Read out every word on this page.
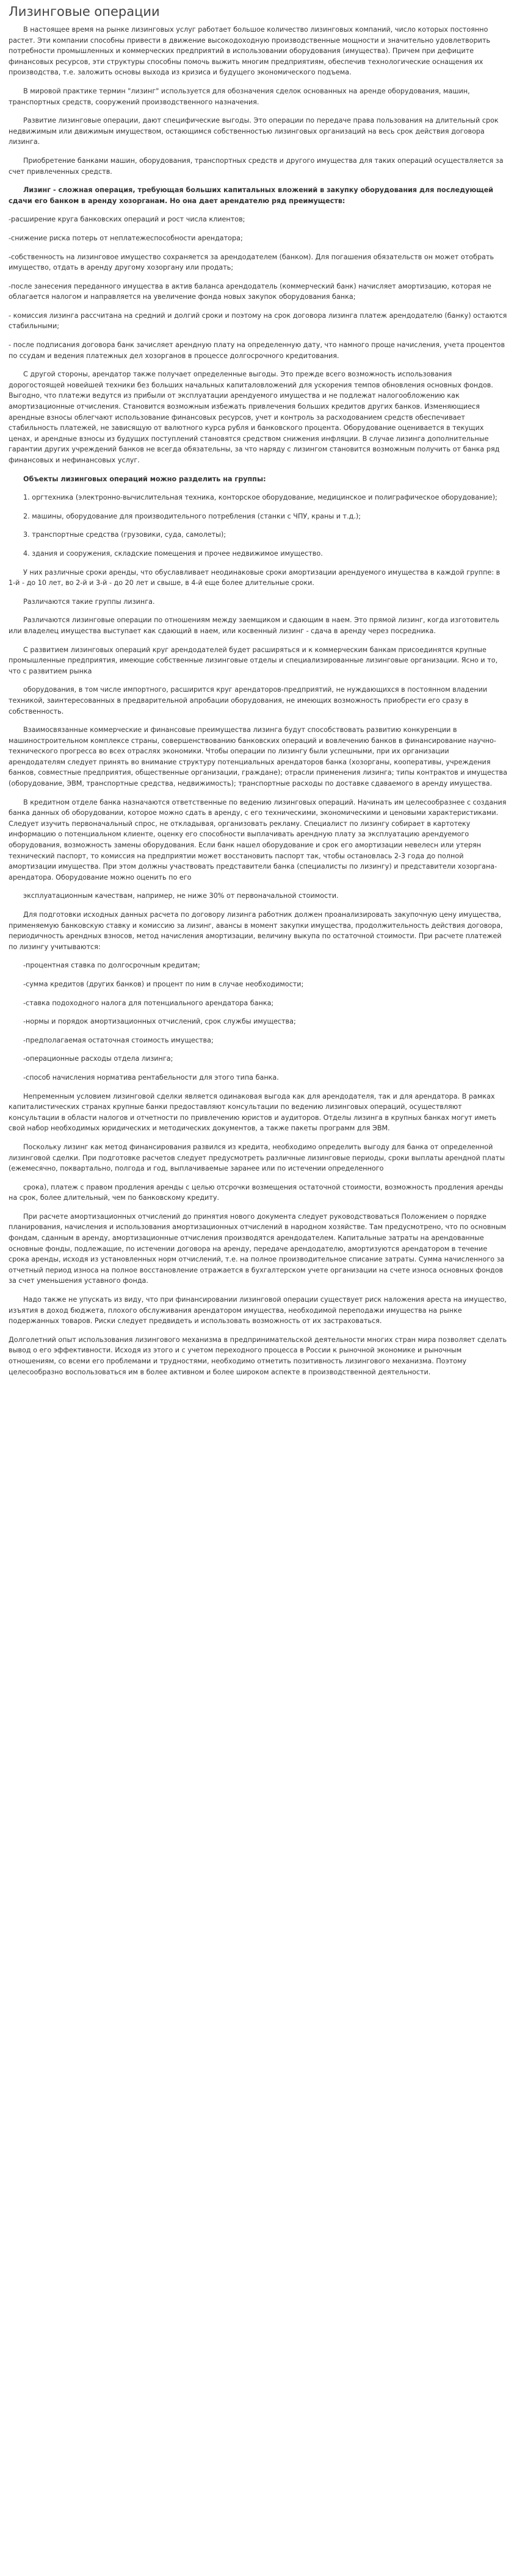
Лизинговые операции
В настоящее время на рынке лизинговых услуг работает большое количество лизинговых компаний, число которых постоянно растет. Эти компании способны привести в движение высокодоходную производственные мощности и значительно удовлетворить потребности промышленных и коммерческих предприятий в использовании оборудования (имущества). Причем при дефиците финансовых ресурсов, эти структуры способны помочь выжить многим предприятиям, обеспечив технологические оснащения их производства, т.е. заложить основы выхода из кризиса и будущего экономического подъема.
В мировой практике термин "лизинг" используется для обозначения сделок основанных на аренде оборудования, машин, транспортных средств, сооружений производственного назначения.
Развитие лизинговые операции, дают специфические выгоды. Это операции по передаче права пользования на длительный срок недвижимым или движимым имуществом, остающимся собственностью лизинговых организаций на весь срок действия договора лизинга.
Приобретение банками машин, оборудования, транспортных средств и другого имущества для таких операций осуществляется за счет привлеченных средств.
Лизинг - сложная операция, требующая больших капитальных вложений в закупку оборудования для последующей сдачи его банком в аренду хозорганам. Но она дает арендателю ряд преимуществ:
-расширение круга банковских операций и рост числа клиентов;
-снижение риска потерь от неплатежеспособности арендатора;
-собственность на лизинговое имущество сохраняется за арендодателем (банком). Для погашения обязательств он может отобрать имущество, отдать в аренду другому хозоргану или продать;
-после занесения переданного имущества в актив баланса арендодатель (коммерческий банк) начисляет амортизацию, которая не облагается налогом и направляется на увеличение фонда новых закупок оборудования банка;
- комиссия лизинга рассчитана на средний и долгий сроки и поэтому на срок договора лизинга платеж арендодателю (банку) остаются стабильными;
- после подписания договора банк зачисляет арендную плату на определенную дату, что намного проще начисления, учета процентов по ссудам и ведения платежных дел хозорганов в процессе долгосрочного кредитования.
С другой стороны, арендатор также получает определенные выгоды. Это прежде всего возможность использования дорогостоящей новейшей техники без больших начальных капиталовложений для ускорения темпов обновления основных фондов. Выгодно, что платежи ведутся из прибыли от эксплуатации арендуемого имущества и не подлежат налогообложению как амортизационные отчисления. Становится возможным избежать привлечения больших кредитов других банков. Изменяющиеся арендные взносы облегчают использование финансовых ресурсов, учет и контроль за расходованием средств обеспечивает стабильность платежей, не зависящую от валютного курса рубля и банковского процента. Оборудование оценивается в текущих ценах, и арендные взносы из будущих поступлений становятся средством снижения инфляции. В случае лизинга дополнительные гарантии других учреждений банков не всегда обязательны, за что наряду с лизингом становится возможным получить от банка ряд финансовых и нефинансовых услуг.
Объекты лизинговых операций можно разделить на группы:
1. оргтехника (электронно-вычислительная техника, конторское оборудование, медицинское и полиграфическое оборудование);
2. машины, оборудование для производительного потребления (станки с ЧПУ, краны и т.д.);
3. транспортные средства (грузовики, суда, самолеты);
4. здания и сооружения, складские помещения и прочее недвижимое имущество.
У них различные сроки аренды, что обуславливает неодинаковые сроки амортизации арендуемого имущества в каждой группе: в 1-й - до 10 лет, во 2-й и 3-й - до 20 лет и свыше, в 4-й еще более длительные сроки.
Различаются такие группы лизинга.
Различаются лизинговые операции по отношениям между заемщиком и сдающим в наем. Это прямой лизинг, когда изготовитель или владелец имущества выступает как сдающий в наем, или косвенный лизинг - сдача в аренду через посредника.
С развитием лизинговых операций круг арендодателей будет расширяться и к коммерческим банкам присоединятся крупные промышленные предприятия, имеющие собственные лизинговые отделы и специализированные лизинговые организации. Ясно и то, что с развитием рынка
оборудования, в том числе импортного, расширится круг арендаторов-предприятий, не нуждающихся в постоянном владении техникой, заинтересованных в предварительной апробации оборудования, не имеющих возможность приобрести его сразу в собственность.
Взаимосвязанные коммерческие и финансовые преимущества лизинга будут способствовать развитию конкуренции в машиностроительном комплексе страны, совершенствованию банковских операций и вовлечению банков в финансирование научно-технического прогресса во всех отраслях экономики. Чтобы операции по лизингу были успешными, при их организации арендодателям следует принять во внимание структуру потенциальных арендаторов банка (хозорганы, кооперативы, учреждения банков, совместные предприятия, общественные организации, граждане); отрасли применения лизинга; типы контрактов и имущества (оборудование, ЭВМ, транспортные средства, недвижимость); транспортные расходы по доставке сдаваемого в аренду имущества.
В кредитном отделе банка назначаются ответственные по ведению лизинговых операций. Начинать им целесообразнее с создания банка данных об оборудовании, которое можно сдать в аренду, с его техническими, экономическими и ценовыми характеристиками. Следует изучить первоначальный спрос, не откладывая, организовать рекламу. Специалист по лизингу собирает в картотеку информацию о потенциальном клиенте, оценку его способности выплачивать арендную плату за эксплуатацию арендуемого оборудования, возможность замены оборудования. Если банк нашел оборудование и срок его амортизации невелесн или утерян технический паспорт, то комиссия на предприятии может восстановить паспорт так, чтобы остановлась 2-3 года до полной амортизации имущества. При этом должны участвовать представители банка (специалисты по лизингу) и представители хозоргана-арендатора. Оборудование можно оценить по его
эксплуатационным качествам, например, не ниже 30% от первоначальной стоимости.
Для подготовки исходных данных расчета по договору лизинга работник должен проанализировать закупочную цену имущества, применяемую банковскую ставку и комиссию за лизинг, авансы в момент закупки имущества, продолжительность действия договора, периодичность арендных взносов, метод начисления амортизации, величину выкупа по остаточной стоимости. При расчете платежей по лизингу учитываются:
-процентная ставка по долгосрочным кредитам;
-сумма кредитов (других банков) и процент по ним в случае необходимости;
-ставка подоходного налога для потенциального арендатора банка;
-нормы и порядок амортизационных отчислений, срок службы имущества;
-предполагаемая остаточная стоимость имущества;
-операционные расходы отдела лизинга;
-способ начисления норматива рентабельности для этого типа банка.
Непременным условием лизинговой сделки является одинаковая выгода как для арендодателя, так и для арендатора. В рамках капиталистических странах крупные банки предоставляют консультации по ведению лизинговых операций, осуществляют консультации в области налогов и отчетности по привлечению юристов и аудиторов. Отделы лизинга в крупных банках могут иметь свой набор необходимых юридических и методических документов, а также пакеты программ для ЭВМ.
Поскольку лизинг как метод финансирования развился из кредита, необходимо определить выгоду для банка от определенной лизинговой сделки. При подготовке расчетов следует предусмотреть различные лизинговые периоды, сроки выплаты арендной платы (ежемесячно, поквартально, полгода и год, выплачиваемые заранее или по истечении определенного
срока), платеж с правом продления аренды с целью отсрочки возмещения остаточной стоимости, возможность продления аренды на срок, более длительный, чем по банковскому кредиту.
При расчете амортизационных отчислений до принятия нового документа следует руководствоваться Положением о порядке планирования, начисления и использования амортизационных отчислений в народном хозяйстве. Там предусмотрено, что по основным фондам, сданным в аренду, амортизационные отчисления производятся арендодателем. Капитальные затраты на арендованные основные фонды, подлежащие, по истечении договора на аренду, передаче арендодателю, амортизуются арендатором в течение срока аренды, исходя из установленных норм отчислений, т.е. на полное производительное списание затраты. Сумма начисленного за отчетный период износа на полное восстановление отражается в бухгалтерском учете организации на счете износа основных фондов за счет уменьшения уставного фонда.
Надо также не упускать из виду, что при финансировании лизинговой операции существует риск наложения ареста на имущество, изъятия в доход бюджета, плохого обслуживания арендатором имущества, необходимой переподажи имущества на рынке подержанных товаров. Риски следует предвидеть и использовать возможность от их застраховаться.
Долголетний опыт использования лизингового механизма в предпринимательской деятельности многих стран мира позволяет сделать вывод о его эффективности. Исходя из этого и с учетом переходного процесса в России к рыночной экономике и рыночным отношениям, со всеми его проблемами и трудностями, необходимо отметить позитивность лизингового механизма. Поэтому целесообразно воспользоваться им в более активном и более широком аспекте в производственной деятельности.
